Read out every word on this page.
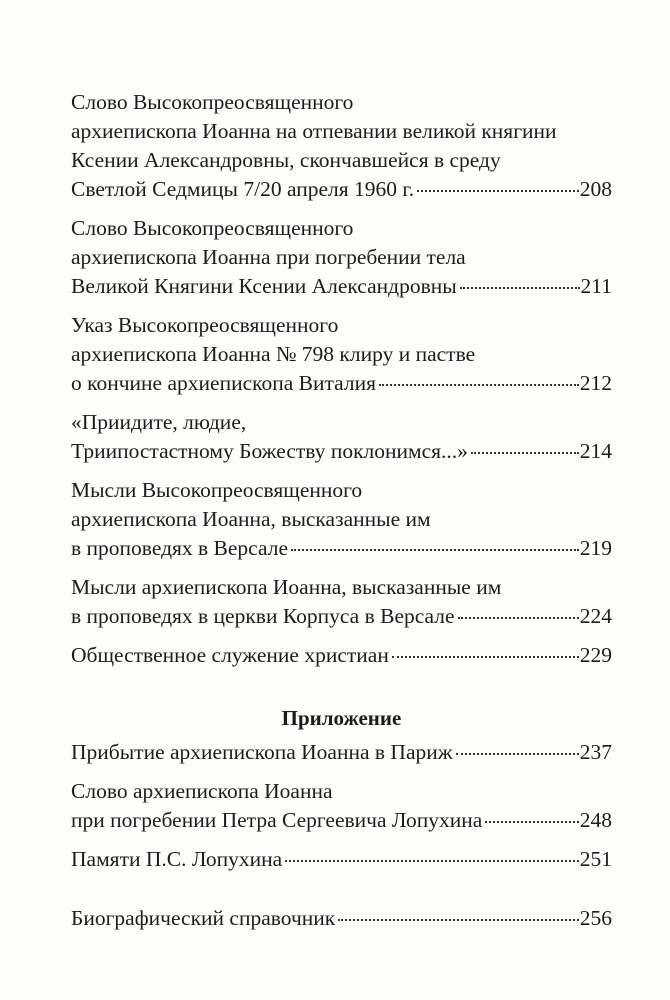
Слово Высокопреосвященного
архиепископа Иоанна на отпевании великой княгини
Ксении Александровны, скончавшейся в среду
Светлой Седмицы 7/20 апреля 1960 г.	208
Слово Высокопреосвященного
архиепископа Иоанна при погребении тела
Великой Княгини Ксении Александровны	211
Указ Высокопреосвященного
архиепископа Иоанна № 798 клиру и пастве
о кончине архиепископа Виталия	212
«Приидите, людие,
Триипостастному Божеству поклонимся...»	214
Мысли Высокопреосвященного
архиепископа Иоанна, высказанные им
в проповедях в Версале	219
Мысли архиепископа Иоанна, высказанные им
в проповедях в церкви Корпуса в Версале	224
Общественное служение христиан	229
Приложение
Прибытие архиепископа Иоанна в Париж	237
Слово архиепископа Иоанна
при погребении Петра Сергеевича Лопухина	248
Памяти П.С. Лопухина	251
Биографический справочник	256
